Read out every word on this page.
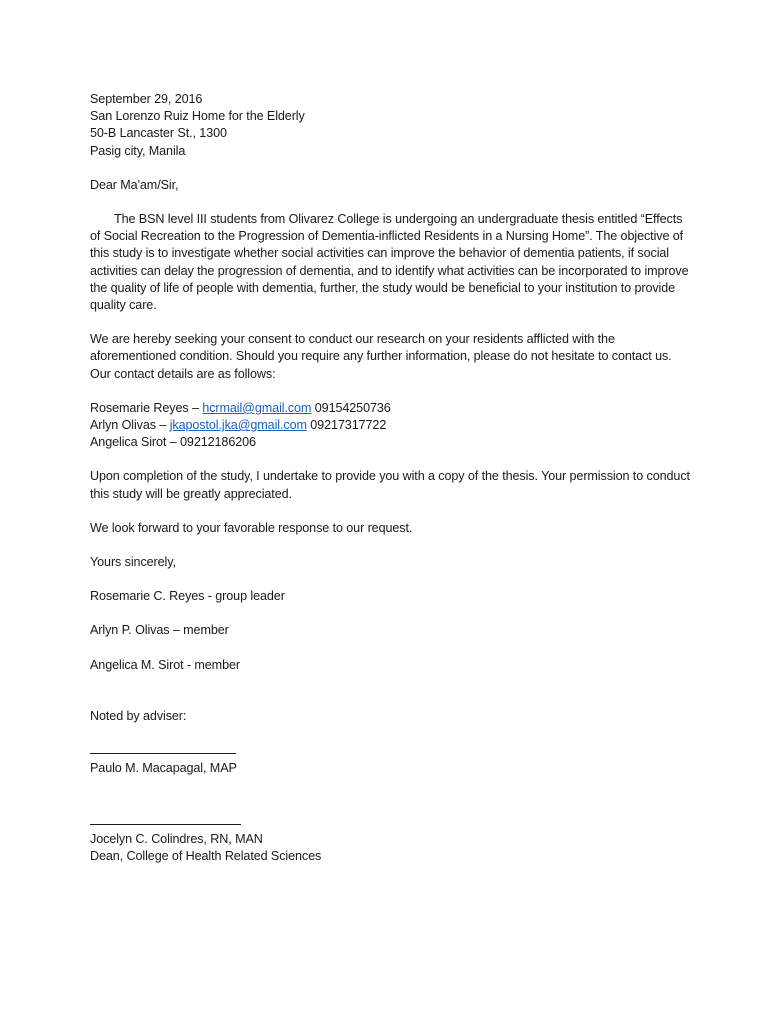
September 29, 2016
San Lorenzo Ruiz Home for the Elderly
50-B Lancaster St., 1300
Pasig city, Manila
Dear Ma'am/Sir,
The BSN level III students from Olivarez College is undergoing an undergraduate thesis entitled “Effects of Social Recreation to the Progression of Dementia-inflicted Residents in a Nursing Home”. The objective of this study is to investigate whether social activities can improve the behavior of dementia patients, if social activities can delay the progression of dementia, and to identify what activities can be incorporated to improve the quality of life of people with dementia, further, the study would be beneficial to your institution to provide quality care.
We are hereby seeking your consent to conduct our research on your residents afflicted with the aforementioned condition. Should you require any further information, please do not hesitate to contact us. Our contact details are as follows:
Rosemarie Reyes – hcrmail@gmail.com 09154250736
Arlyn Olivas – jkapostol.jka@gmail.com 09217317722
Angelica Sirot – 09212186206
Upon completion of the study, I undertake to provide you with a copy of the thesis. Your permission to conduct this study will be greatly appreciated.
We look forward to your favorable response to our request.
Yours sincerely,
Rosemarie C. Reyes - group leader
Arlyn P. Olivas – member
Angelica M. Sirot - member
Noted by adviser:
Paulo M. Macapagal, MAP
Jocelyn C. Colindres, RN, MAN
Dean, College of Health Related Sciences
